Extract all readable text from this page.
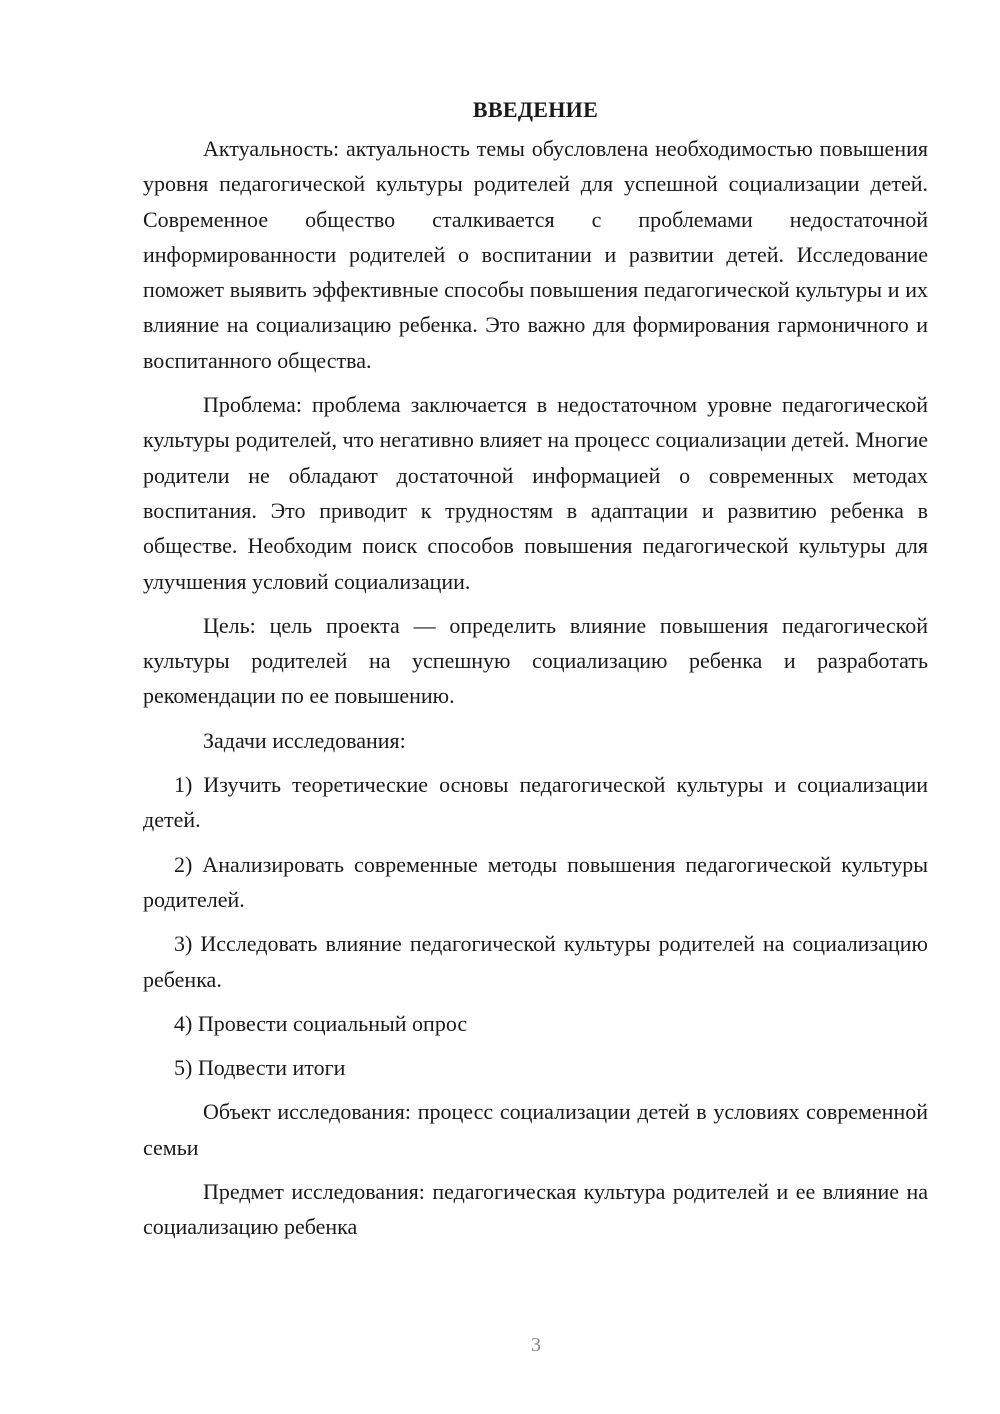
ВВЕДЕНИЕ

Актуальность: актуальность темы обусловлена необходимостью повышения уровня педагогической культуры родителей для успешной социализации детей. Современное общество сталкивается с проблемами недостаточной информированности родителей о воспитании и развитии детей. Исследование поможет выявить эффективные способы повышения педагогической культуры и их влияние на социализацию ребенка. Это важно для формирования гармоничного и воспитанного общества.

Проблема: проблема заключается в недостаточном уровне педагогической культуры родителей, что негативно влияет на процесс социализации детей. Многие родители не обладают достаточной информацией о современных методах воспитания. Это приводит к трудностям в адаптации и развитию ребенка в обществе. Необходим поиск способов повышения педагогической культуры для улучшения условий социализации.

Цель: цель проекта — определить влияние повышения педагогической культуры родителей на успешную социализацию ребенка и разработать рекомендации по ее повышению.

Задачи исследования:

1) Изучить теоретические основы педагогической культуры и социализации детей.

2) Анализировать современные методы повышения педагогической культуры родителей.

3) Исследовать влияние педагогической культуры родителей на социализацию ребенка.

4) Провести социальный опрос

5) Подвести итоги

Объект исследования: процесс социализации детей в условиях современной семьи

Предмет исследования: педагогическая культура родителей и ее влияние на социализацию ребенка

3
